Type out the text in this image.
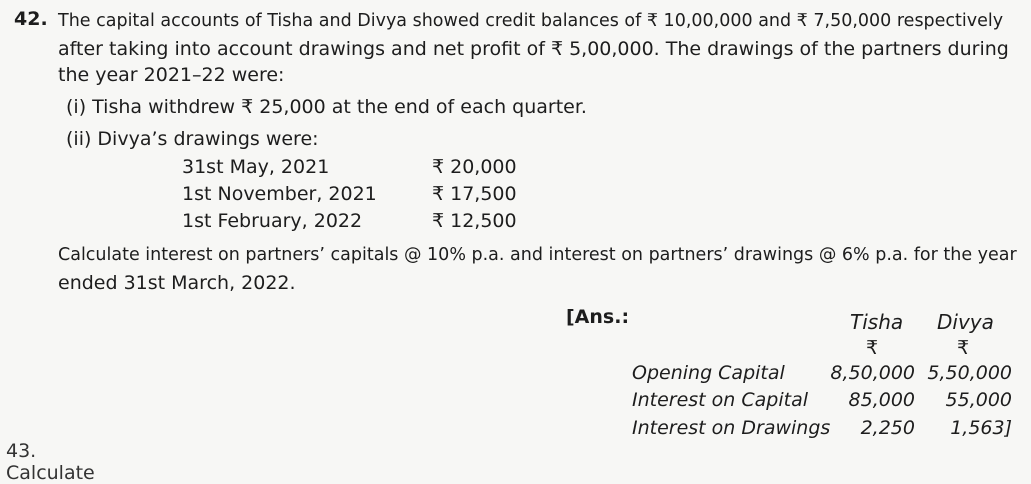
42. The capital accounts of Tisha and Divya showed credit balances of ₹ 10,00,000 and ₹ 7,50,000 respectively
after taking into account drawings and net profit of ₹ 5,00,000. The drawings of the partners during
the year 2021–22 were:
(i) Tisha withdrew ₹ 25,000 at the end of each quarter.
(ii) Divya’s drawings were:
31st May, 2021	₹ 20,000
1st November, 2021	₹ 17,500
1st February, 2022	₹ 12,500
Calculate interest on partners’ capitals @ 10% p.a. and interest on partners’ drawings @ 6% p.a. for the year
ended 31st March, 2022.
[Ans.:	Tisha Divya
₹	₹
Opening Capital 8,50,000 5,50,000
Interest on Capital 85,000 55,000
Interest on Drawings 2,250 1,563]
43. Calculate
